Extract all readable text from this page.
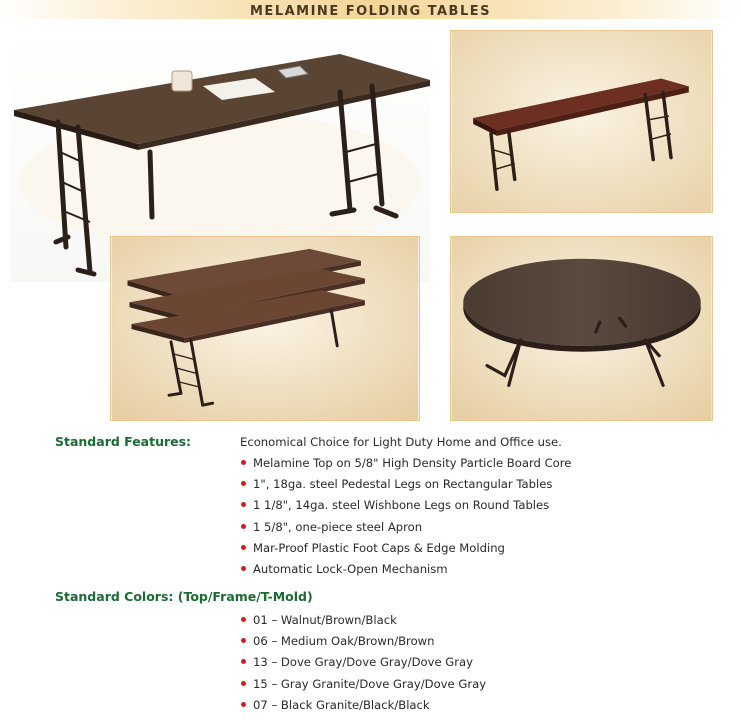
MELAMINE FOLDING TABLES
Standard Features:	Economical Choice for Light Duty Home and Office use.
Melamine Top on 5/8" High Density Particle Board Core
1", 18ga. steel Pedestal Legs on Rectangular Tables
1 1/8", 14ga. steel Wishbone Legs on Round Tables
1 5/8", one-piece steel Apron
Mar-Proof Plastic Foot Caps & Edge Molding
Automatic Lock-Open Mechanism
Standard Colors: (Top/Frame/T-Mold)
01 – Walnut/Brown/Black
06 – Medium Oak/Brown/Brown
13 – Dove Gray/Dove Gray/Dove Gray
15 – Gray Granite/Dove Gray/Dove Gray
07 – Black Granite/Black/Black
